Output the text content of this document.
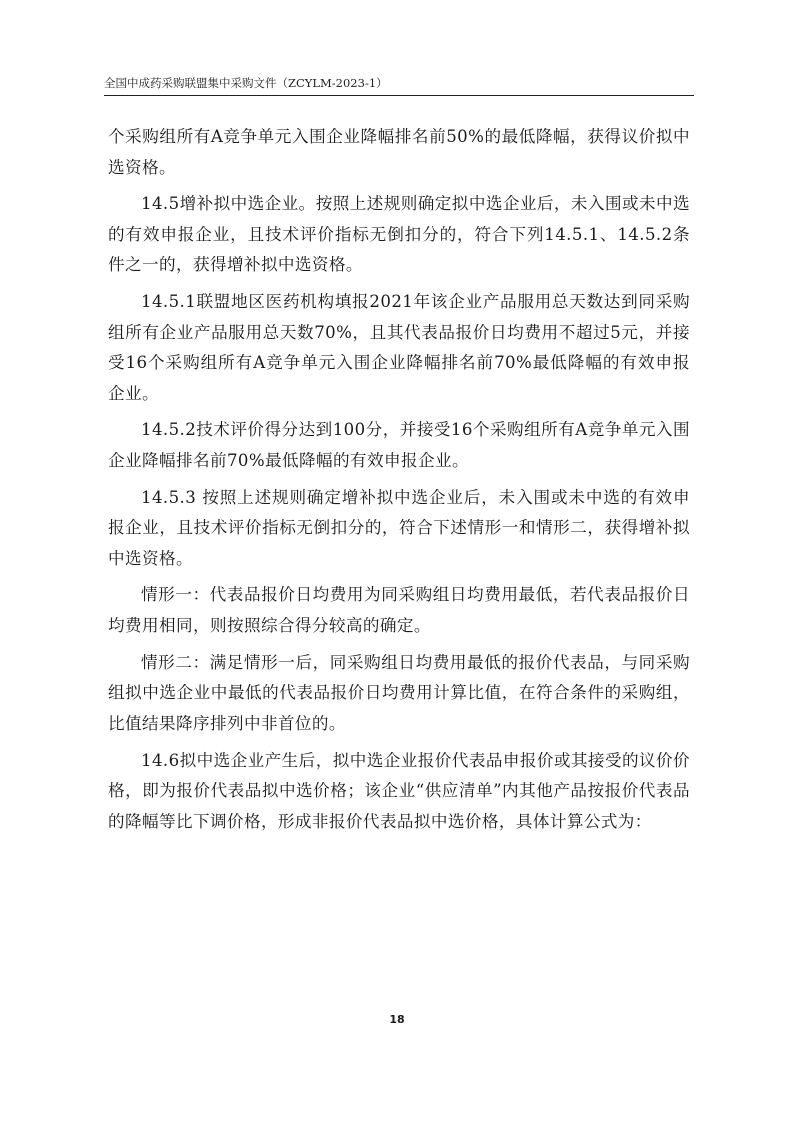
全国中成药采购联盟集中采购文件（ZCYLM-2023-1）

个采购组所有A竞争单元入围企业降幅排名前50%的最低降幅，获得议价拟中选资格。

14.5增补拟中选企业。按照上述规则确定拟中选企业后，未入围或未中选的有效申报企业，且技术评价指标无倒扣分的，符合下列14.5.1、14.5.2条件之一的，获得增补拟中选资格。

14.5.1联盟地区医药机构填报2021年该企业产品服用总天数达到同采购组所有企业产品服用总天数70%，且其代表品报价日均费用不超过5元，并接受16个采购组所有A竞争单元入围企业降幅排名前70%最低降幅的有效申报企业。

14.5.2技术评价得分达到100分，并接受16个采购组所有A竞争单元入围企业降幅排名前70%最低降幅的有效申报企业。

14.5.3 按照上述规则确定增补拟中选企业后，未入围或未中选的有效申报企业，且技术评价指标无倒扣分的，符合下述情形一和情形二，获得增补拟中选资格。

情形一：代表品报价日均费用为同采购组日均费用最低，若代表品报价日均费用相同，则按照综合得分较高的确定。

情形二：满足情形一后，同采购组日均费用最低的报价代表品，与同采购组拟中选企业中最低的代表品报价日均费用计算比值，在符合条件的采购组，比值结果降序排列中非首位的。

14.6拟中选企业产生后，拟中选企业报价代表品申报价或其接受的议价价格，即为报价代表品拟中选价格；该企业“供应清单”内其他产品按报价代表品的降幅等比下调价格，形成非报价代表品拟中选价格，具体计算公式为：

18
